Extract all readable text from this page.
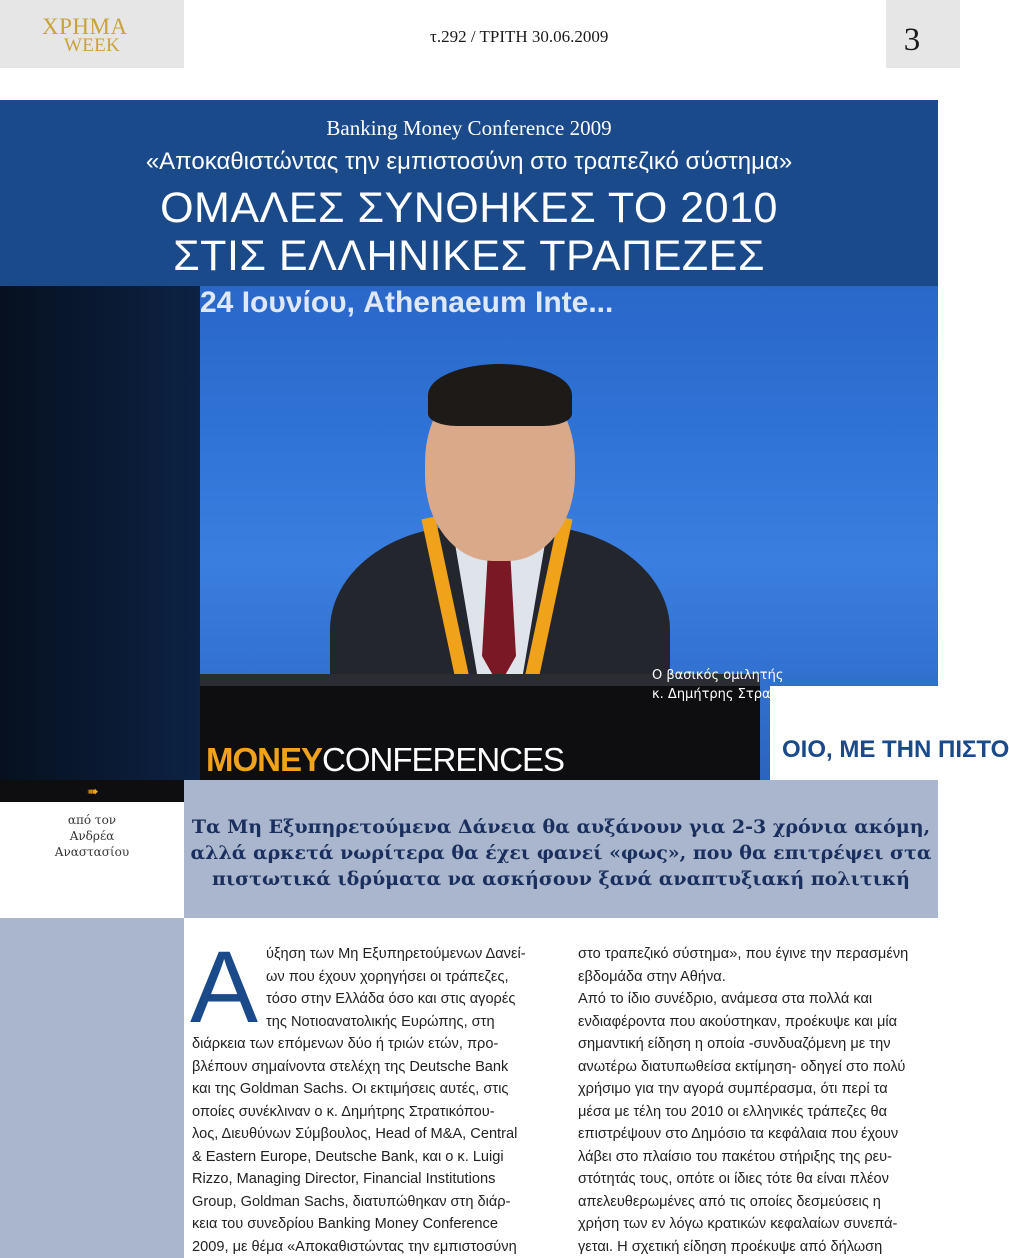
ΧΡΗΜΑ
WEEK	τ.292 / ΤΡΙΤΗ 30.06.2009	3
Banking Money Conference 2009
«Αποκαθιστώντας την εμπιστοσύνη στο τραπεζικό σύστημα»
ΟΜΑΛΕΣ ΣΥΝΘΗΚΕΣ ΤΟ 2010
ΣΤΙΣ ΕΛΛΗΝΙΚΕΣ ΤΡΑΠΕΖΕΣ
24 Ιουνίου, Athenaeum Inte...
MONEYCONFERENCES	ΟΙΟ, ΜΕ ΤΗΝ ΠΙΣΤΟ
Ο βασικός ομιλητής
κ. Δημήτρης Στρατικόπουλος
➠
από τον
Ανδρέα
Αναστασίου
Τα Μη Εξυπηρετούμενα Δάνεια θα αυξάνουν για 2-3 χρόνια ακόμη,
αλλά αρκετά νωρίτερα θα έχει φανεί «φως», που θα επιτρέψει στα
πιστωτικά ιδρύματα να ασκήσουν ξανά αναπτυξιακή πολιτική
Α ύξηση των Μη Εξυπηρετούμενων Δανεί-

ων που έχουν χορηγήσει οι τράπεζες,

τόσο στην Ελλάδα όσο και στις αγορές

της Νοτιοανατολικής Ευρώπης, στη

διάρκεια των επόμενων δύο ή τριών ετών, προ-

βλέπουν σημαίνοντα στελέχη της Deutsche Bank

και της Goldman Sachs. Οι εκτιμήσεις αυτές, στις

οποίες συνέκλιναν ο κ. Δημήτρης Στρατικόπου-

λος, Διευθύνων Σύμβουλος, Head of M&A, Central

& Eastern Europe, Deutsche Bank, και ο κ. Luigi

Rizzo, Managing Director, Financial Institutions

Group, Goldman Sachs, διατυπώθηκαν στη διάρ-

κεια του συνεδρίου Banking Money Conference

2009, με θέμα «Αποκαθιστώντας την εμπιστοσύνη

στο τραπεζικό σύστημα», που έγινε την περασμένη

εβδομάδα στην Αθήνα.

Από το ίδιο συνέδριο, ανάμεσα στα πολλά και

ενδιαφέροντα που ακούστηκαν, προέκυψε και μία

σημαντική είδηση η οποία -συνδυαζόμενη με την

ανωτέρω διατυπωθείσα εκτίμηση- οδηγεί στο πολύ

χρήσιμο για την αγορά συμπέρασμα, ότι περί τα

μέσα με τέλη του 2010 οι ελληνικές τράπεζες θα

επιστρέψουν στο Δημόσιο τα κεφάλαια που έχουν

λάβει στο πλαίσιο του πακέτου στήριξης της ρευ-

στότητάς τους, οπότε οι ίδιες τότε θα είναι πλέον

απελευθερωμένες από τις οποίες δεσμεύσεις η

χρήση των εν λόγω κρατικών κεφαλαίων συνεπά-

γεται. Η σχετική είδηση προέκυψε από δήλωση
